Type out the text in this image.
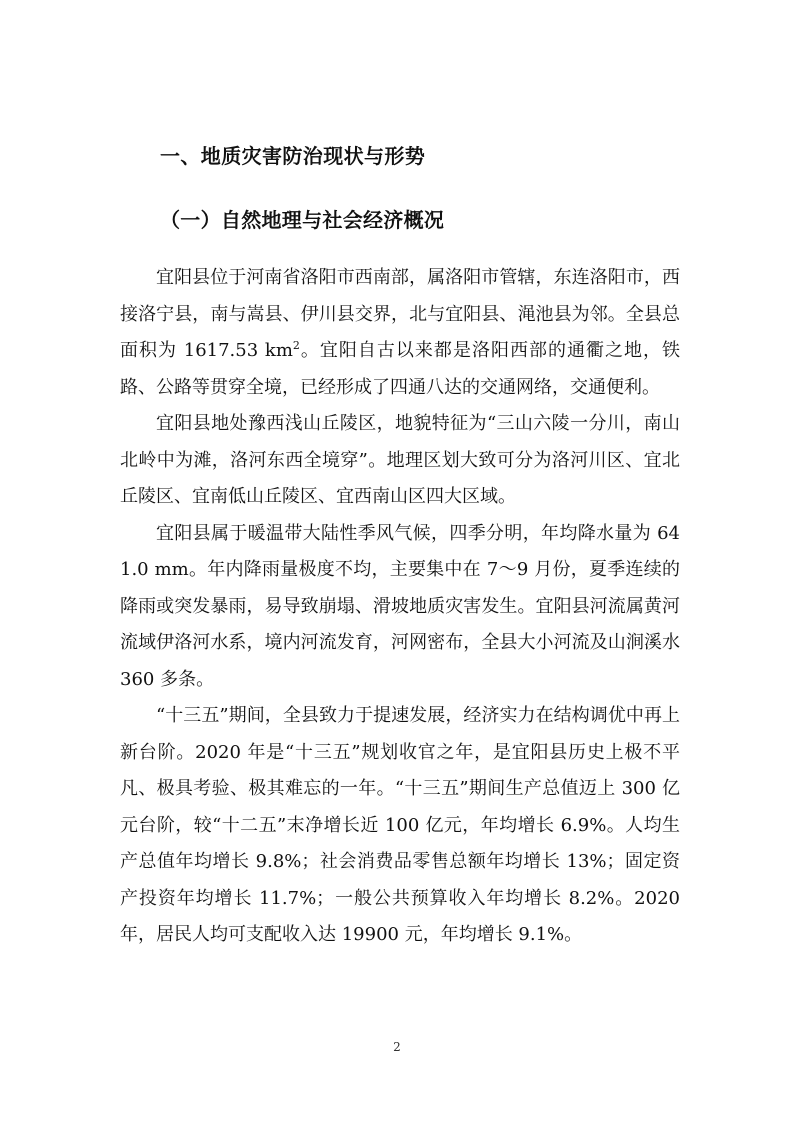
一、地质灾害防治现状与形势
（一）自然地理与社会经济概况

宜阳县位于河南省洛阳市西南部，属洛阳市管辖，东连洛阳市，西接洛宁县，南与嵩县、伊川县交界，北与宜阳县、渑池县为邻。全县总面积为 1617.53 $km^2$。宜阳自古以来都是洛阳西部的通衢之地，铁路、公路等贯穿全境，已经形成了四通八达的交通网络，交通便利。

宜阳县地处豫西浅山丘陵区，地貌特征为“三山六陵一分川，南山北岭中为滩，洛河东西全境穿”。地理区划大致可分为洛河川区、宜北丘陵区、宜南低山丘陵区、宜西南山区四大区域。

宜阳县属于暖温带大陆性季风气候，四季分明，年均降水量为 641.0 mm。年内降雨量极度不均，主要集中在 7～9 月份，夏季连续的降雨或突发暴雨，易导致崩塌、滑坡地质灾害发生。宜阳县河流属黄河流域伊洛河水系，境内河流发育，河网密布，全县大小河流及山涧溪水 360 多条。

“十三五”期间，全县致力于提速发展，经济实力在结构调优中再上新台阶。2020 年是“十三五”规划收官之年，是宜阳县历史上极不平凡、极具考验、极其难忘的一年。“十三五”期间生产总值迈上 300 亿元台阶，较“十二五”末净增长近 100 亿元，年均增长 6.9%。人均生产总值年均增长 9.8%；社会消费品零售总额年均增长 13%；固定资产投资年均增长 11.7%；一般公共预算收入年均增长 8.2%。2020 年，居民人均可支配收入达 19900 元，年均增长 9.1%。

2
